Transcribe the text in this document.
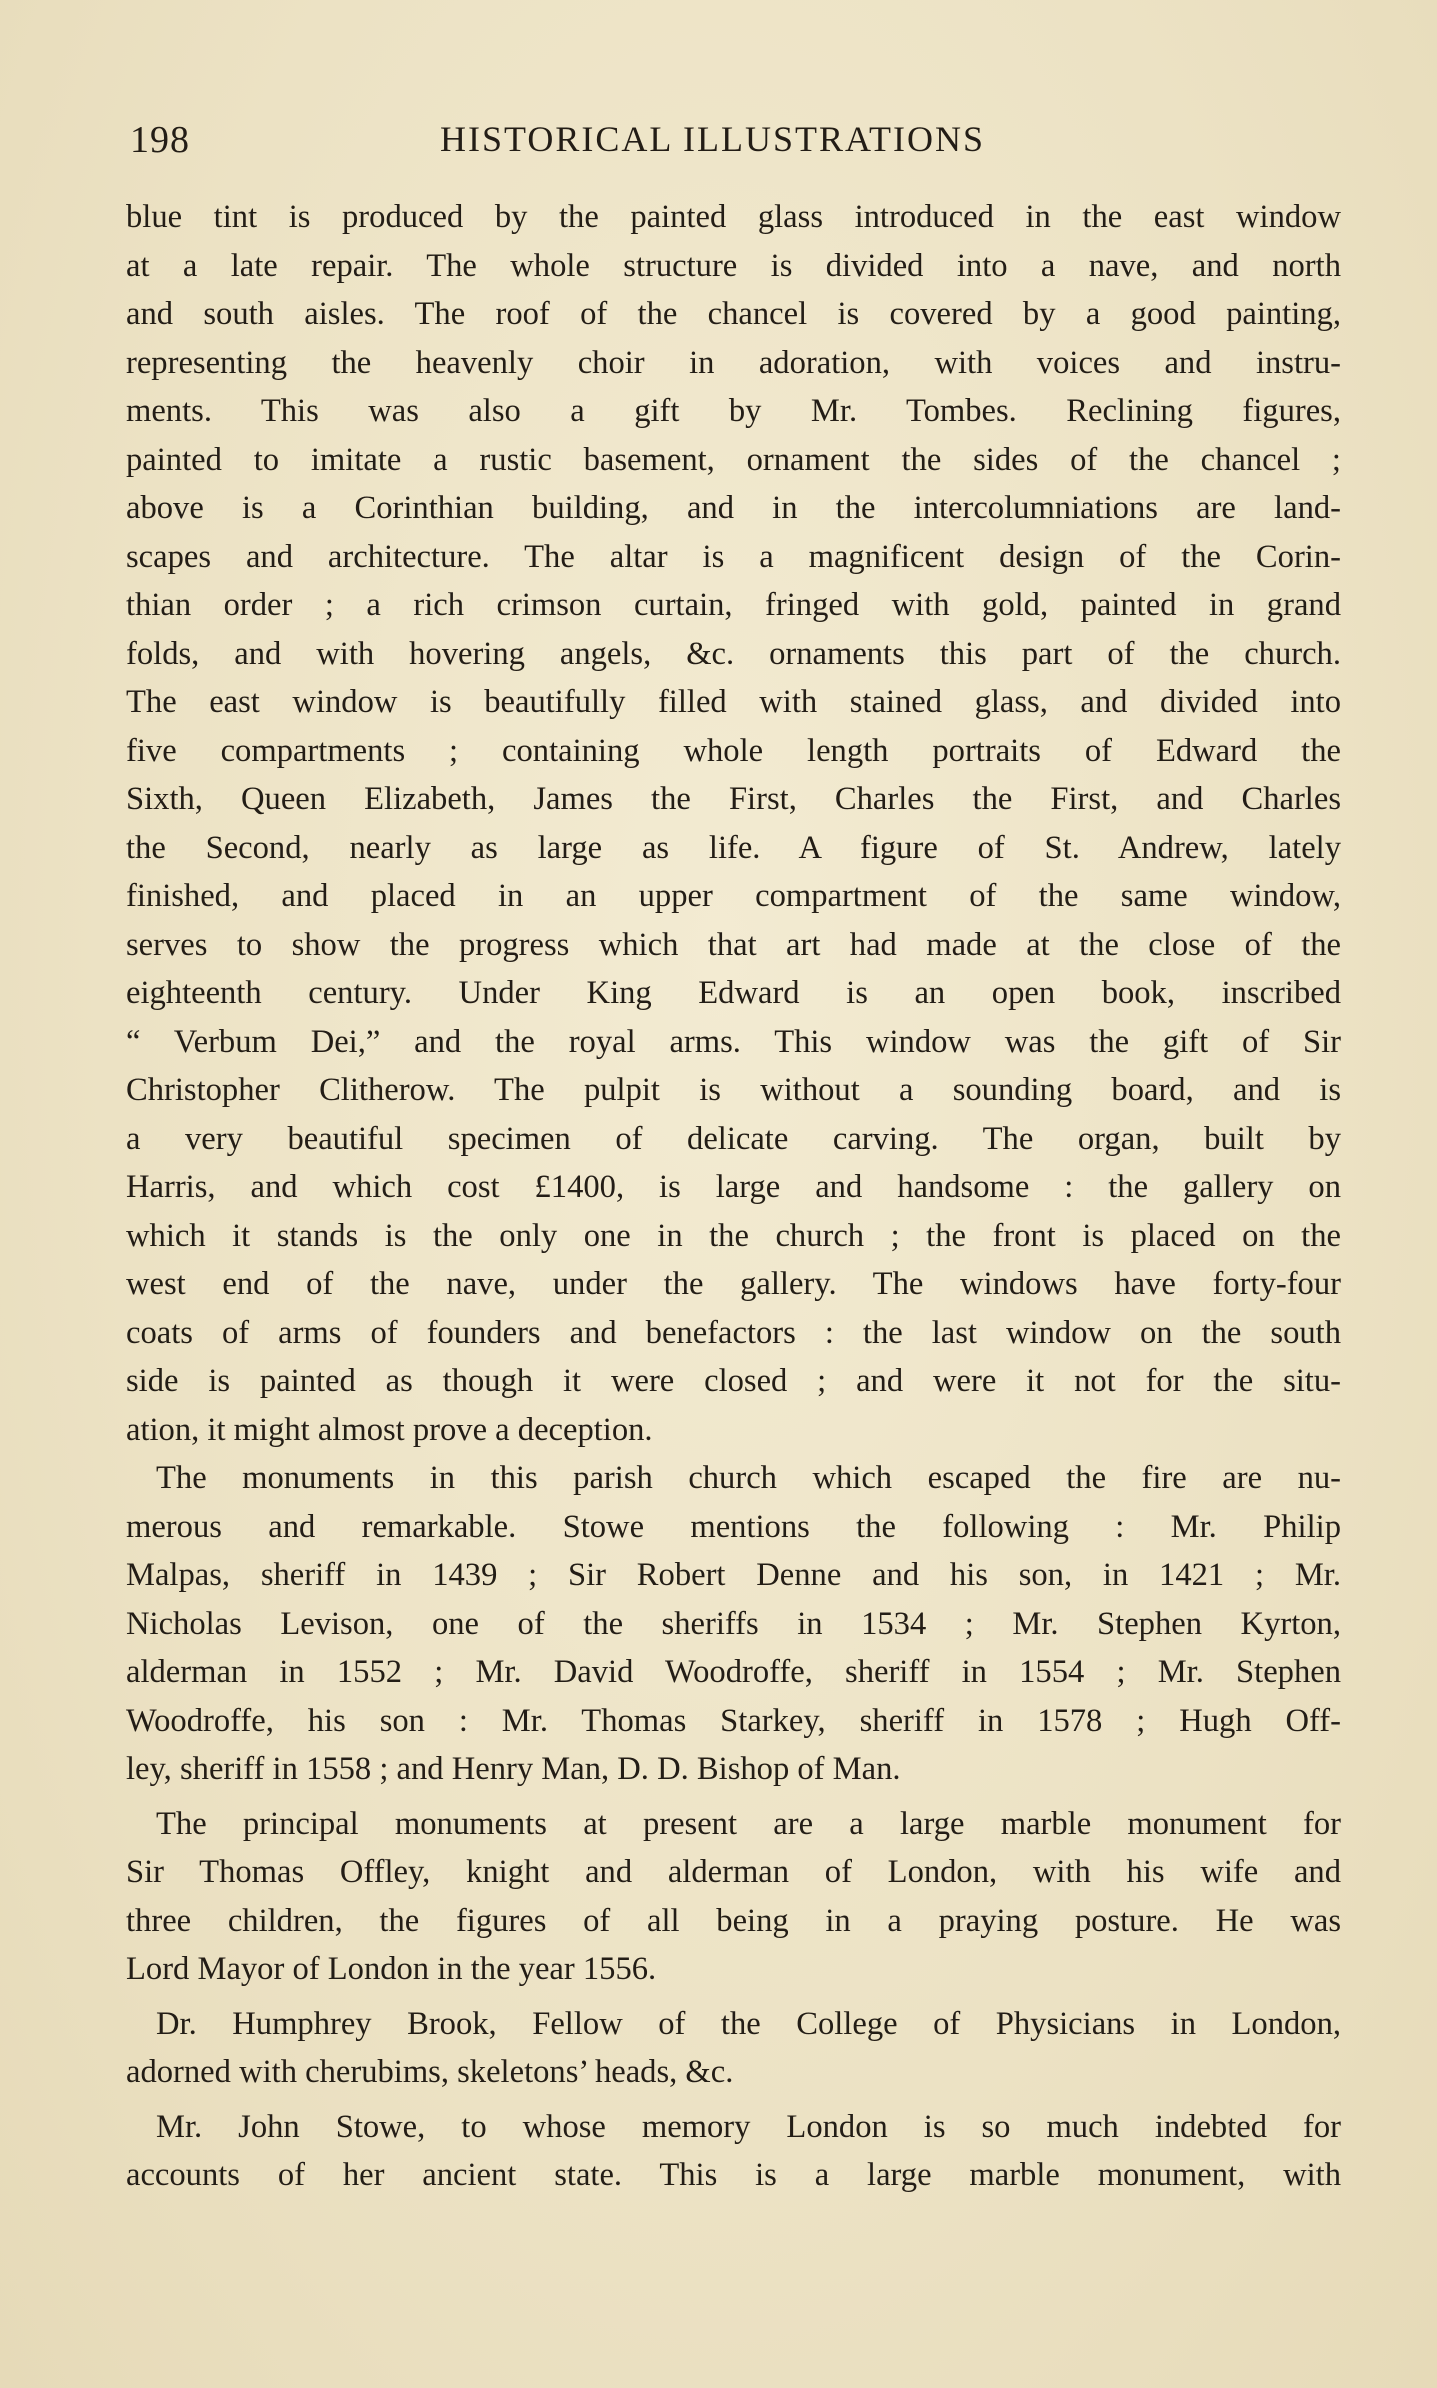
198	HISTORICAL ILLUSTRATIONS

blue tint is produced by the painted glass introduced in the east window

at a late repair. The whole structure is divided into a nave, and north

and south aisles. The roof of the chancel is covered by a good painting,

representing the heavenly choir in adoration, with voices and instru-

ments. This was also a gift by Mr. Tombes. Reclining figures,

painted to imitate a rustic basement, ornament the sides of the chancel ;

above is a Corinthian building, and in the intercolumniations are land-

scapes and architecture. The altar is a magnificent design of the Corin-

thian order ; a rich crimson curtain, fringed with gold, painted in grand

folds, and with hovering angels, &c. ornaments this part of the church.

The east window is beautifully filled with stained glass, and divided into

five compartments ; containing whole length portraits of Edward the

Sixth, Queen Elizabeth, James the First, Charles the First, and Charles

the Second, nearly as large as life. A figure of St. Andrew, lately

finished, and placed in an upper compartment of the same window,

serves to show the progress which that art had made at the close of the

eighteenth century. Under King Edward is an open book, inscribed

“ Verbum Dei,” and the royal arms. This window was the gift of Sir

Christopher Clitherow. The pulpit is without a sounding board, and is

a very beautiful specimen of delicate carving. The organ, built by

Harris, and which cost £1400, is large and handsome : the gallery on

which it stands is the only one in the church ; the front is placed on the

west end of the nave, under the gallery. The windows have forty-four

coats of arms of founders and benefactors : the last window on the south

side is painted as though it were closed ; and were it not for the situ-

ation, it might almost prove a deception.

The monuments in this parish church which escaped the fire are nu-

merous and remarkable. Stowe mentions the following : Mr. Philip

Malpas, sheriff in 1439 ; Sir Robert Denne and his son, in 1421 ; Mr.

Nicholas Levison, one of the sheriffs in 1534 ; Mr. Stephen Kyrton,

alderman in 1552 ; Mr. David Woodroffe, sheriff in 1554 ; Mr. Stephen

Woodroffe, his son : Mr. Thomas Starkey, sheriff in 1578 ; Hugh Off-

ley, sheriff in 1558 ; and Henry Man, D. D. Bishop of Man.

The principal monuments at present are a large marble monument for

Sir Thomas Offley, knight and alderman of London, with his wife and

three children, the figures of all being in a praying posture. He was

Lord Mayor of London in the year 1556.

Dr. Humphrey Brook, Fellow of the College of Physicians in London,

adorned with cherubims, skeletons’ heads, &c.

Mr. John Stowe, to whose memory London is so much indebted for

accounts of her ancient state. This is a large marble monument, with
